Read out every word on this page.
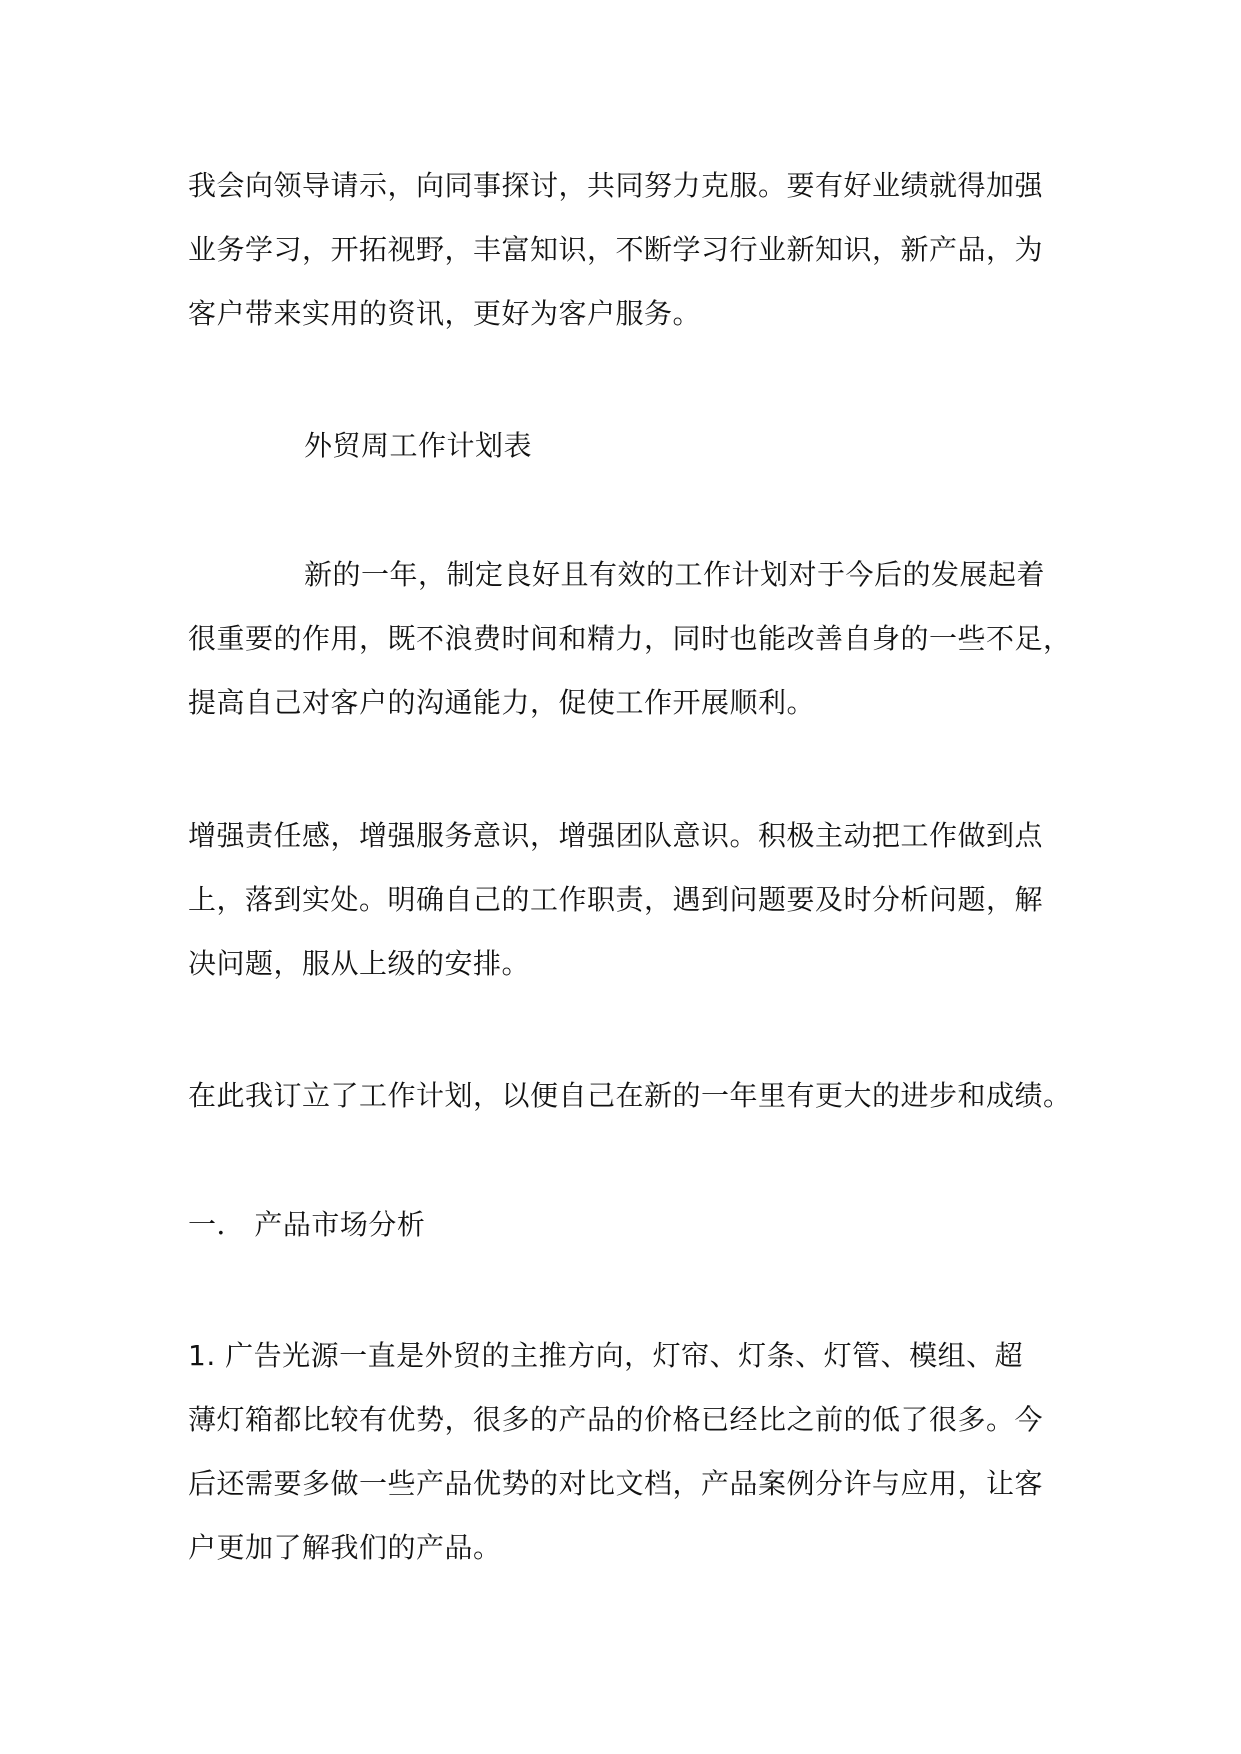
我会向领导请示，向同事探讨，共同努力克服。要有好业绩就得加强
业务学习，开拓视野，丰富知识，不断学习行业新知识，新产品，为
客户带来实用的资讯，更好为客户服务。
外贸周工作计划表
新的一年，制定良好且有效的工作计划对于今后的发展起着
很重要的作用，既不浪费时间和精力，同时也能改善自身的一些不足，
提高自己对客户的沟通能力，促使工作开展顺利。
增强责任感，增强服务意识，增强团队意识。积极主动把工作做到点
上，落到实处。明确自己的工作职责，遇到问题要及时分析问题，解
决问题，服从上级的安排。
在此我订立了工作计划，以便自己在新的一年里有更大的进步和成绩。
一． 产品市场分析
1. 广告光源一直是外贸的主推方向，灯帘、灯条、灯管、模组、超
薄灯箱都比较有优势，很多的产品的价格已经比之前的低了很多。今
后还需要多做一些产品优势的对比文档，产品案例分许与应用，让客
户更加了解我们的产品。
